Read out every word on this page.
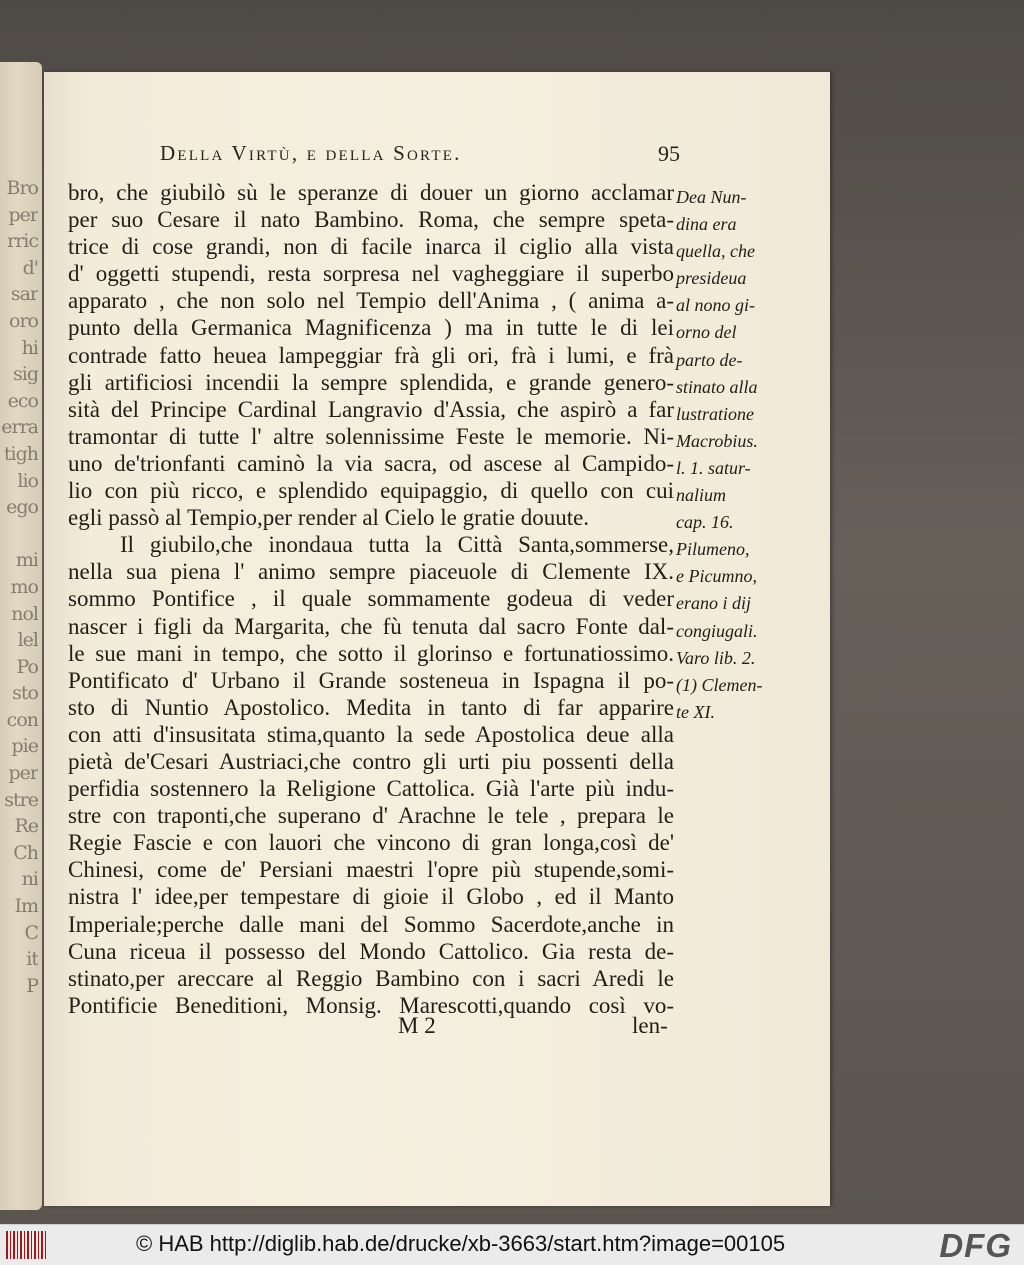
Bro
per
rric
d'
sar
oro
hi
sig
eco
erra
tigh
lio
ego

mi
mo
nol
lel
Po
sto
con
pie
per
stre
Re
Ch
ni
Im
C
it
P
Della Virtù, e della Sorte.	95
bro, che giubilò sù le speranze di douer un giorno acclamar
per suo Cesare il nato Bambino. Roma, che sempre speta-
trice di cose grandi, non di facile inarca il ciglio alla vista
d' oggetti stupendi, resta sorpresa nel vagheggiare il superbo
apparato , che non solo nel Tempio dell'Anima , ( anima a-
punto della Germanica Magnificenza ) ma in tutte le di lei
contrade fatto heuea lampeggiar frà gli ori, frà i lumi, e frà
gli artificiosi incendii la sempre splendida, e grande genero-
sità del Principe Cardinal Langravio d'Assia, che aspirò a far
tramontar di tutte l' altre solennissime Feste le memorie. Ni-
uno de'trionfanti caminò la via sacra, od ascese al Campido-
lio con più ricco, e splendido equipaggio, di quello con cui
egli passò al Tempio,per render al Cielo le gratie douute.
Il giubilo,che inondaua tutta la Città Santa,sommerse,
nella sua piena l' animo sempre piaceuole di Clemente IX.
sommo Pontifice , il quale sommamente godeua di veder
nascer i figli da Margarita, che fù tenuta dal sacro Fonte dal-
le sue mani in tempo, che sotto il glorinso e fortunatiossimo.
Pontificato d' Urbano il Grande sosteneua in Ispagna il po-
sto di Nuntio Apostolico. Medita in tanto di far apparire
con atti d'insusitata stima,quanto la sede Apostolica deue alla
pietà de'Cesari Austriaci,che contro gli urti piu possenti della
perfidia sostennero la Religione Cattolica. Già l'arte più indu-
stre con traponti,che superano d' Arachne le tele , prepara le
Regie Fascie e con lauori che vincono di gran longa,così de'
Chinesi, come de' Persiani maestri l'opre più stupende,somi-
nistra l' idee,per tempestare di gioie il Globo , ed il Manto
Imperiale;perche dalle mani del Sommo Sacerdote,anche in
Cuna riceua il possesso del Mondo Cattolico. Gia resta de-
stinato,per areccare al Reggio Bambino con i sacri Aredi le
Pontificie Beneditioni, Monsig. Marescotti,quando così vo-
Dea Nun-
dina era
quella, che
presideua
al nono gi-
orno del
parto de-
stinato alla
lustratione
Macrobius.
l. 1. satur-
nalium
cap. 16.
Pilumeno,
e Picumno,
erano i dij
congiugali.
Varo lib. 2.
(1) Clemen-
te XI.
M 2	len-
© HAB http://diglib.hab.de/drucke/xb-3663/start.htm?image=00105	DFG
